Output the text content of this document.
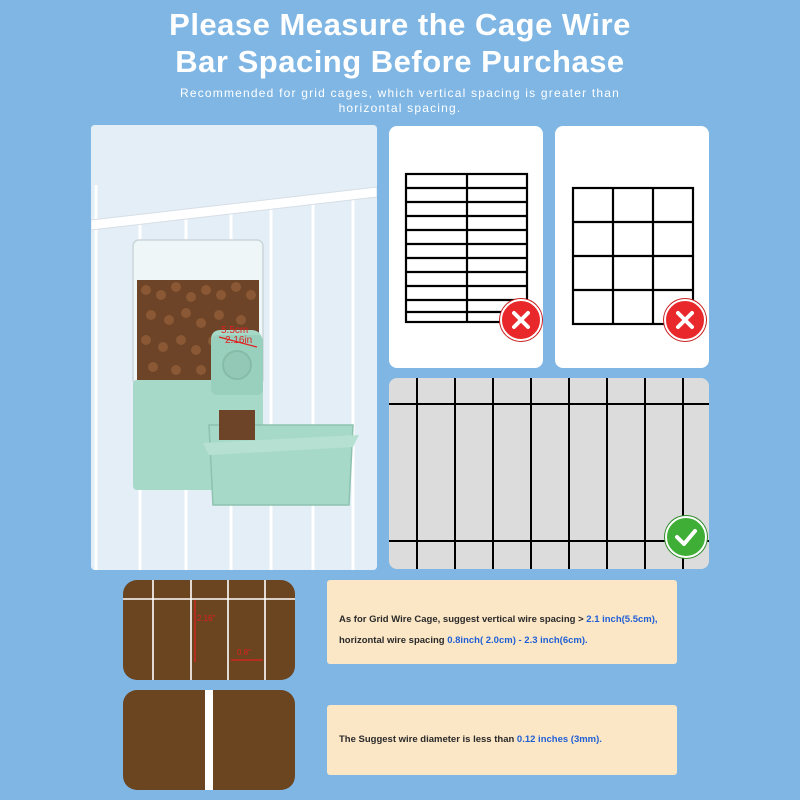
Please Measure the Cage Wire
Bar Spacing Before Purchase
Recommended for grid cages, which vertical spacing is greater than horizontal spacing.
5.5cm
2.16in
2.16"
0.8"
As for Grid Wire Cage, suggest vertical wire spacing > 2.1 inch(5.5cm),
horizontal wire spacing 0.8inch( 2.0cm) - 2.3 inch(6cm).
The Suggest wire diameter is less than 0.12 inches (3mm).
